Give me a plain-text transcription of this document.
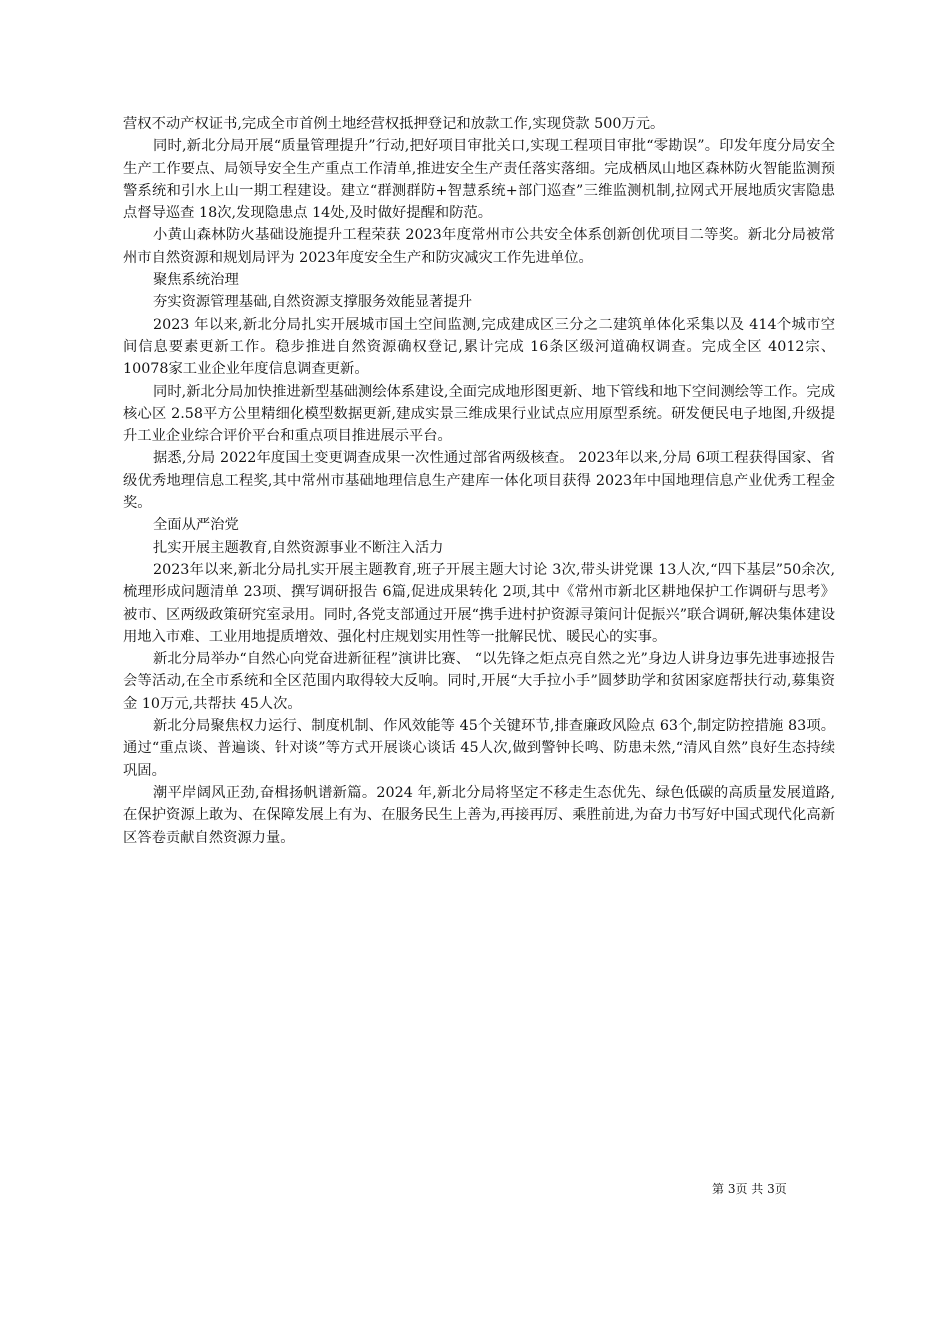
营权不动产权证书,完成全市首例土地经营权抵押登记和放款工作,实现贷款 500万元。

同时,新北分局开展“质量管理提升”行动,把好项目审批关口,实现工程项目审批“零勘误”。印发年度分局安全生产工作要点、局领导安全生产重点工作清单,推进安全生产责任落实落细。完成栖凤山地区森林防火智能监测预警系统和引水上山一期工程建设。建立“群测群防+智慧系统+部门巡查”三维监测机制,拉网式开展地质灾害隐患点督导巡查 18次,发现隐患点 14处,及时做好提醒和防范。

小黄山森林防火基础设施提升工程荣获 2023年度常州市公共安全体系创新创优项目二等奖。新北分局被常州市自然资源和规划局评为 2023年度安全生产和防灾减灾工作先进单位。

聚焦系统治理

夯实资源管理基础,自然资源支撑服务效能显著提升

2023 年以来,新北分局扎实开展城市国土空间监测,完成建成区三分之二建筑单体化采集以及 414个城市空间信息要素更新工作。稳步推进自然资源确权登记,累计完成 16条区级河道确权调查。完成全区 4012宗、10078家工业企业年度信息调查更新。

同时,新北分局加快推进新型基础测绘体系建设,全面完成地形图更新、地下管线和地下空间测绘等工作。完成核心区 2.58平方公里精细化模型数据更新,建成实景三维成果行业试点应用原型系统。研发便民电子地图,升级提升工业企业综合评价平台和重点项目推进展示平台。

据悉,分局 2022年度国土变更调查成果一次性通过部省两级核查。 2023年以来,分局 6项工程获得国家、省级优秀地理信息工程奖,其中常州市基础地理信息生产建库一体化项目获得 2023年中国地理信息产业优秀工程金奖。

全面从严治党

扎实开展主题教育,自然资源事业不断注入活力

2023年以来,新北分局扎实开展主题教育,班子开展主题大讨论 3次,带头讲党课 13人次,“四下基层”50余次,梳理形成问题清单 23项、撰写调研报告 6篇,促进成果转化 2项,其中《常州市新北区耕地保护工作调研与思考》被市、区两级政策研究室录用。同时,各党支部通过开展“携手进村护资源寻策问计促振兴”联合调研,解决集体建设用地入市难、工业用地提质增效、强化村庄规划实用性等一批解民忧、暖民心的实事。

新北分局举办“自然心向党奋进新征程”演讲比赛、 “以先锋之炬点亮自然之光”身边人讲身边事先进事迹报告会等活动,在全市系统和全区范围内取得较大反响。同时,开展“大手拉小手”圆梦助学和贫困家庭帮扶行动,募集资金 10万元,共帮扶 45人次。

新北分局聚焦权力运行、制度机制、作风效能等 45个关键环节,排查廉政风险点 63个,制定防控措施 83项。通过“重点谈、普遍谈、针对谈”等方式开展谈心谈话 45人次,做到警钟长鸣、防患未然,“清风自然”良好生态持续巩固。

潮平岸阔风正劲,奋楫扬帆谱新篇。2024 年,新北分局将坚定不移走生态优先、绿色低碳的高质量发展道路,在保护资源上敢为、在保障发展上有为、在服务民生上善为,再接再厉、乘胜前进,为奋力书写好中国式现代化高新区答卷贡献自然资源力量。

第 3页 共 3页
